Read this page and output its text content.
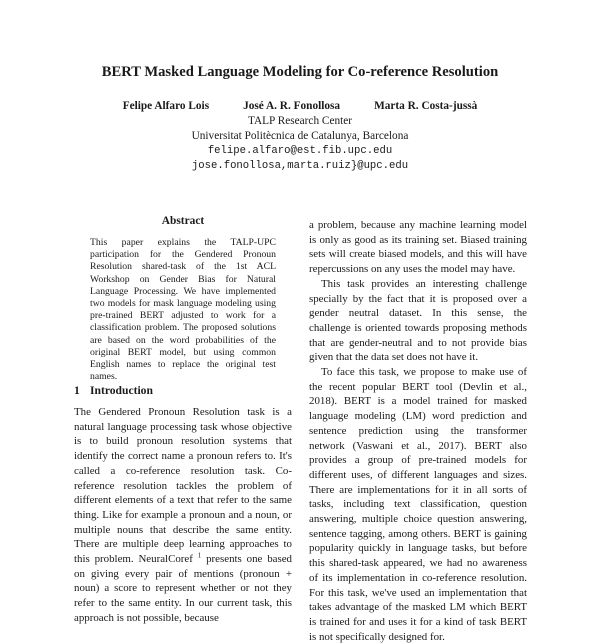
BERT Masked Language Modeling for Co-reference Resolution
Felipe Alfaro Lois	José A. R. Fonollosa	Marta R. Costa-jussà
TALP Research Center
Universitat Politècnica de Catalunya, Barcelona
felipe.alfaro@est.fib.upc.edu
jose.fonollosa,marta.ruiz}@upc.edu
Abstract
This paper explains the TALP-UPC participation for the Gendered Pronoun Resolution shared-task of the 1st ACL Workshop on Gender Bias for Natural Language Processing. We have implemented two models for mask language modeling using pre-trained BERT adjusted to work for a classification problem. The proposed solutions are based on the word probabilities of the original BERT model, but using common English names to replace the original test names.
1 Introduction

The Gendered Pronoun Resolution task is a natural language processing task whose objective is to build pronoun resolution systems that identify the correct name a pronoun refers to. It's called a co-reference resolution task. Co-reference resolution tackles the problem of different elements of a text that refer to the same thing. Like for example a pronoun and a noun, or multiple nouns that describe the same entity. There are multiple deep learning approaches to this problem. NeuralCoref $^1$ presents one based on giving every pair of mentions (pronoun + noun) a score to represent whether or not they refer to the same entity. In our current task, this approach is not possible, because

a problem, because any machine learning model is only as good as its training set. Biased training sets will create biased models, and this will have repercussions on any uses the model may have.

This task provides an interesting challenge specially by the fact that it is proposed over a gender neutral dataset. In this sense, the challenge is oriented towards proposing methods that are gender-neutral and to not provide bias given that the data set does not have it.

To face this task, we propose to make use of the recent popular BERT tool (Devlin et al., 2018). BERT is a model trained for masked language modeling (LM) word prediction and sentence prediction using the transformer network (Vaswani et al., 2017). BERT also provides a group of pre-trained models for different uses, of different languages and sizes. There are implementations for it in all sorts of tasks, including text classification, question answering, multiple choice question answering, sentence tagging, among others. BERT is gaining popularity quickly in language tasks, but before this shared-task appeared, we had no awareness of its implementation in co-reference resolution. For this task, we've used an implementation that takes advantage of the masked LM which BERT is trained for and uses it for a kind of task BERT is not specifically designed for.
